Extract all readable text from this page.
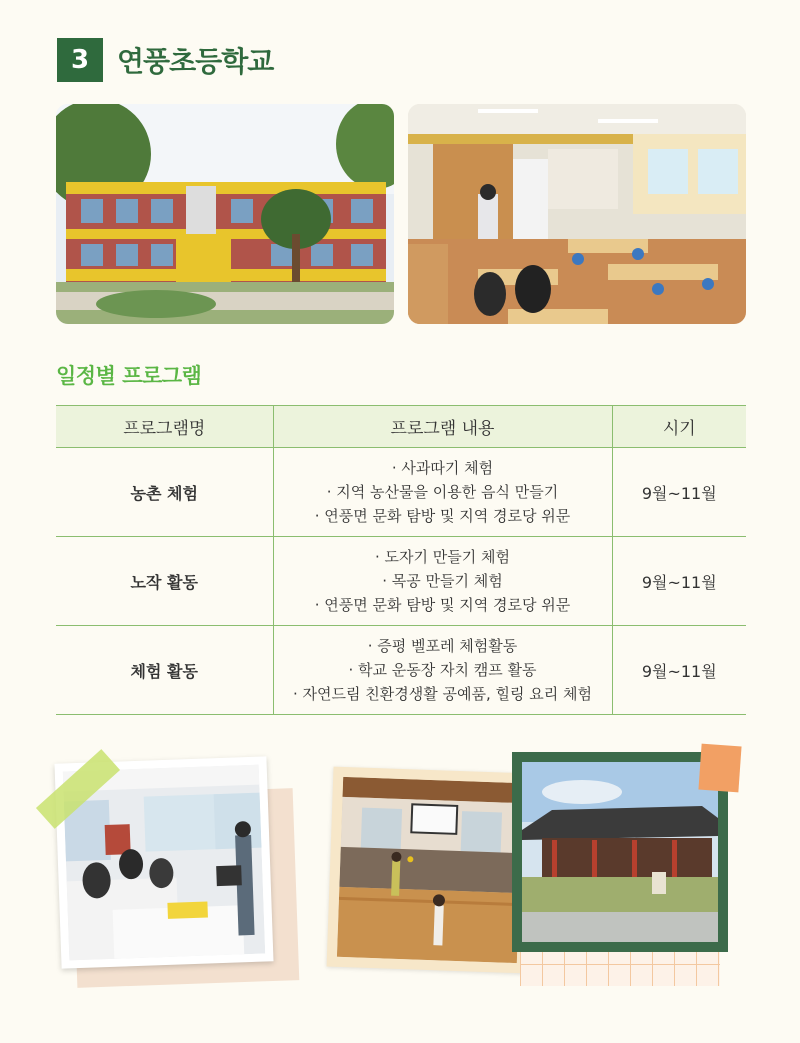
3 연풍초등학교
일정별 프로그램
프로그램명	프로그램 내용	시기
농촌 체험	· 사과따기 체험
· 지역 농산물을 이용한 음식 만들기
· 연풍면 문화 탐방 및 지역 경로당 위문	9월~11월
노작 활동	· 도자기 만들기 체험
· 목공 만들기 체험
· 연풍면 문화 탐방 및 지역 경로당 위문	9월~11월
체험 활동	· 증평 벨포레 체험활동
· 학교 운동장 자치 캠프 활동
· 자연드림 친환경생활 공예품, 힐링 요리 체험	9월~11월
